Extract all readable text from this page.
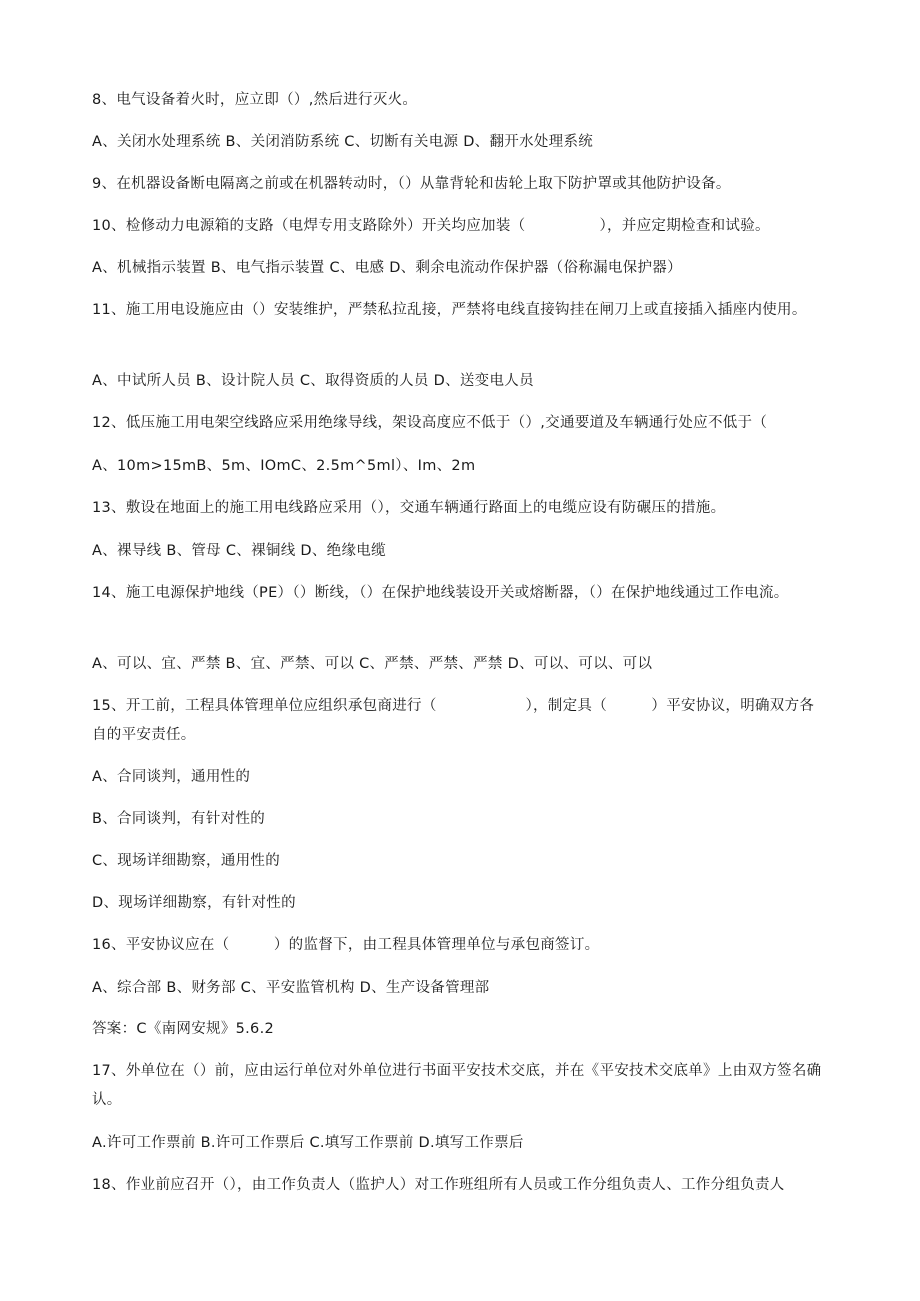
8、电气设备着火时，应立即（）,然后进行灭火。
A、关闭水处理系统 B、关闭消防系统 C、切断有关电源 D、翻开水处理系统
9、在机器设备断电隔离之前或在机器转动时，（）从靠背轮和齿轮上取下防护罩或其他防护设备。
10、检修动力电源箱的支路（电焊专用支路除外）开关均应加装（　　　　　），并应定期检查和试验。
A、机械指示装置 B、电气指示装置 C、电感 D、剩余电流动作保护器（俗称漏电保护器）
11、施工用电设施应由（）安装维护，严禁私拉乱接，严禁将电线直接钩挂在闸刀上或直接插入插座内使用。
A、中试所人员 B、设计院人员 C、取得资质的人员 D、送变电人员
12、低压施工用电架空线路应采用绝缘导线，架设高度应不低于（）,交通要道及车辆通行处应不低于（
A、10m>15mB、5m、IOmC、2.5m^5ml）、Im、2m
13、敷设在地面上的施工用电线路应采用（），交通车辆通行路面上的电缆应设有防碾压的措施。
A、裸导线 B、管母 C、裸铜线 D、绝缘电缆
14、施工电源保护地线（PE）（）断线，（）在保护地线装设开关或熔断器，（）在保护地线通过工作电流。
A、可以、宜、严禁 B、宜、严禁、可以 C、严禁、严禁、严禁 D、可以、可以、可以
15、开工前，工程具体管理单位应组织承包商进行（　　　　　　），制定具（　　　）平安协议，明确双方各自的平安责任。
A、合同谈判，通用性的
B、合同谈判，有针对性的
C、现场详细勘察，通用性的
D、现场详细勘察，有针对性的
16、平安协议应在（　　　）的监督下，由工程具体管理单位与承包商签订。
A、综合部 B、财务部 C、平安监管机构 D、生产设备管理部
答案：C《南网安规》5.6.2
17、外单位在（）前，应由运行单位对外单位进行书面平安技术交底，并在《平安技术交底单》上由双方签名确认。
A.许可工作票前 B.许可工作票后 C.填写工作票前 D.填写工作票后
18、作业前应召开（），由工作负责人（监护人）对工作班组所有人员或工作分组负责人、工作分组负责人
